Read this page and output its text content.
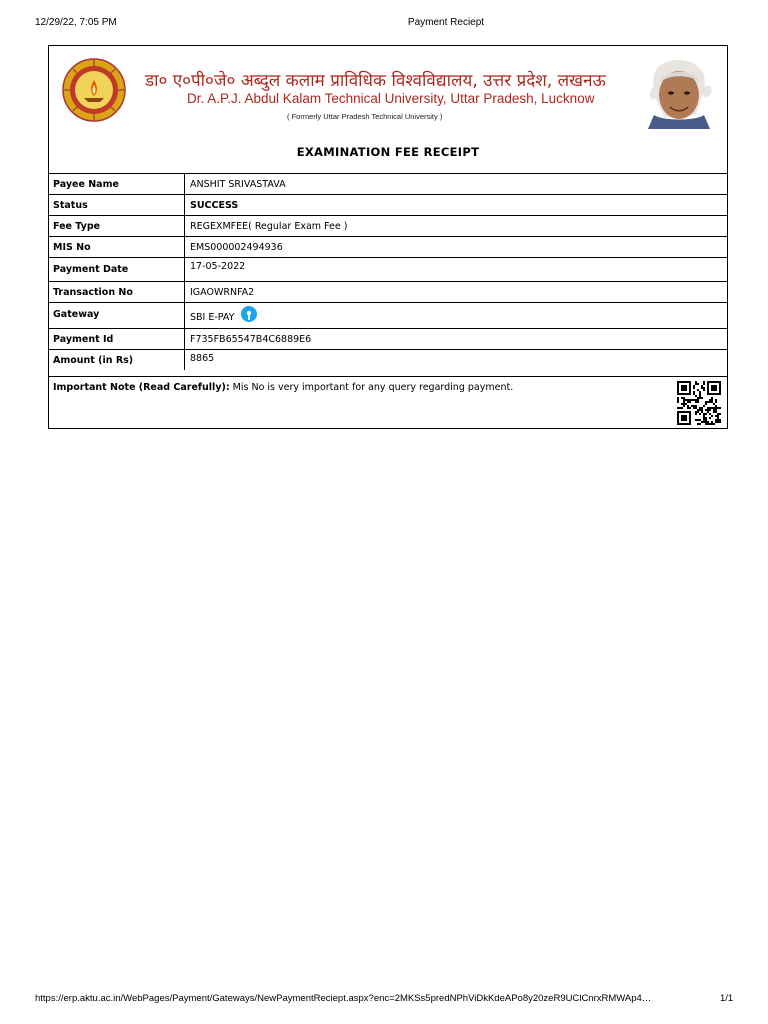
12/29/22, 7:05 PM	Payment Reciept
डा० ए०पी०जे० अब्दुल कलाम प्राविधिक विश्वविद्यालय, उत्तर प्रदेश, लखनऊ
Dr. A.P.J. Abdul Kalam Technical University, Uttar Pradesh, Lucknow
( Formerly Uttar Pradesh Technical University )
EXAMINATION FEE RECEIPT
Payee Name	ANSHIT SRIVASTAVA
Status	SUCCESS
Fee Type	REGEXMFEE( Regular Exam Fee )
MIS No	EMS000002494936
Payment Date	17-05-2022
Transaction No	IGAOWRNFA2
Gateway	SBI E-PAY
Payment Id	F735FB65547B4C6889E6
Amount (in Rs)	8865
Important Note (Read Carefully): Mis No is very important for any query regarding payment.
https://erp.aktu.ac.in/WebPages/Payment/Gateways/NewPaymentReciept.aspx?enc=2MKSs5predNPhViDkKdeAPo8y20zeR9UClCnrxRMWAp4…	1/1
